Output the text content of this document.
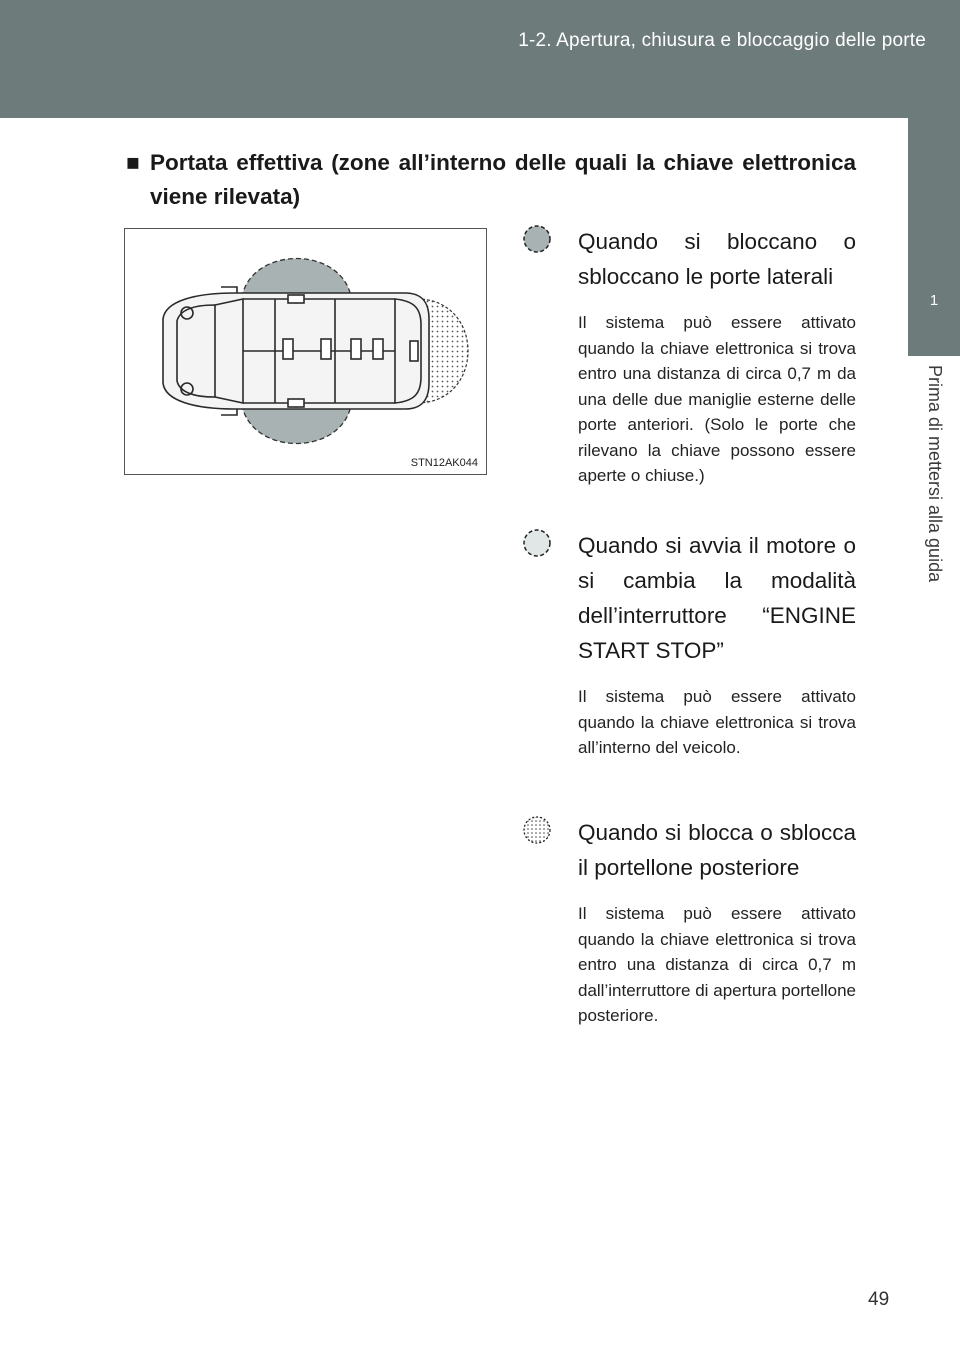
1-2. Apertura, chiusura e bloccaggio delle porte
1
Prima di mettersi alla guida
■ Portata effettiva (zone all’interno delle quali la chiave elettronica viene rilevata)
STN12AK044
Quando si bloccano o sbloccano le porte laterali
Il sistema può essere attivato quando la chiave elettronica si trova entro una distanza di circa 0,7 m da una delle due maniglie esterne delle porte anteriori. (Solo le porte che rilevano la chiave possono essere aperte o chiuse.)
Quando si avvia il motore o si cambia la modalità dell’interruttore “ENGINE START STOP”
Il sistema può essere attivato quando la chiave elettronica si trova all’interno del veicolo.
Quando si blocca o sblocca il portellone posteriore
Il sistema può essere attivato quando la chiave elettronica si trova entro una distanza di circa 0,7 m dall’interruttore di apertura portellone posteriore.
49
